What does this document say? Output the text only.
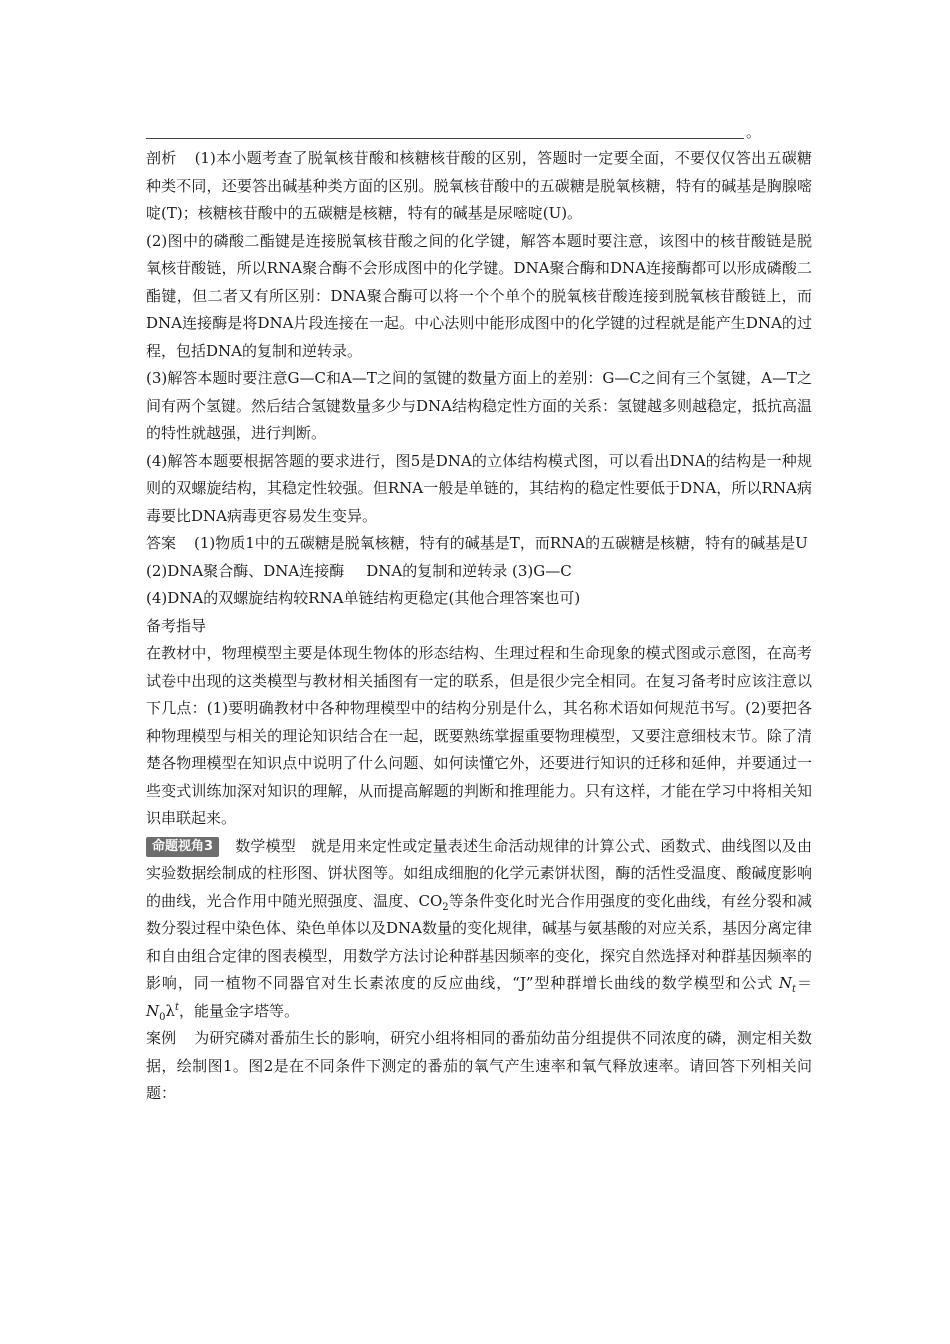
。

剖析 (1)本小题考查了脱氧核苷酸和核糖核苷酸的区别，答题时一定要全面，不要仅仅答出五碳糖种类不同，还要答出碱基种类方面的区别。脱氧核苷酸中的五碳糖是脱氧核糖，特有的碱基是胸腺嘧啶(T)；核糖核苷酸中的五碳糖是核糖，特有的碱基是尿嘧啶(U)。

(2)图中的磷酸二酯键是连接脱氧核苷酸之间的化学键，解答本题时要注意，该图中的核苷酸链是脱氧核苷酸链，所以RNA聚合酶不会形成图中的化学键。DNA聚合酶和DNA连接酶都可以形成磷酸二酯键，但二者又有所区别：DNA聚合酶可以将一个个单个的脱氧核苷酸连接到脱氧核苷酸链上，而DNA连接酶是将DNA片段连接在一起。中心法则中能形成图中的化学键的过程就是能产生DNA的过程，包括DNA的复制和逆转录。

(3)解答本题时要注意G—C和A—T之间的氢键的数量方面上的差别：G—C之间有三个氢键，A—T之间有两个氢键。然后结合氢键数量多少与DNA结构稳定性方面的关系：氢键越多则越稳定，抵抗高温的特性就越强，进行判断。

(4)解答本题要根据答题的要求进行，图5是DNA的立体结构模式图，可以看出DNA的结构是一种规则的双螺旋结构，其稳定性较强。但RNA一般是单链的，其结构的稳定性要低于DNA，所以RNA病毒要比DNA病毒更容易发生变异。

答案 (1)物质1中的五碳糖是脱氧核糖，特有的碱基是T，而RNA的五碳糖是核糖，特有的碱基是U

(2)DNA聚合酶、DNA连接酶 DNA的复制和逆转录 (3)G—C

(4)DNA的双螺旋结构较RNA单链结构更稳定(其他合理答案也可)

备考指导

在教材中，物理模型主要是体现生物体的形态结构、生理过程和生命现象的模式图或示意图，在高考试卷中出现的这类模型与教材相关插图有一定的联系，但是很少完全相同。在复习备考时应该注意以下几点：(1)要明确教材中各种物理模型中的结构分别是什么，其名称术语如何规范书写。(2)要把各种物理模型与相关的理论知识结合在一起，既要熟练掌握重要物理模型，又要注意细枝末节。除了清楚各物理模型在知识点中说明了什么问题、如何读懂它外，还要进行知识的迁移和延伸，并要通过一些变式训练加深对知识的理解，从而提高解题的判断和推理能力。只有这样，才能在学习中将相关知识串联起来。

命题视角3 数学模型　就是用来定性或定量表述生命活动规律的计算公式、函数式、曲线图以及由实验数据绘制成的柱形图、饼状图等。如组成细胞的化学元素饼状图，酶的活性受温度、酸碱度影响的曲线，光合作用中随光照强度、温度、$CO_2$等条件变化时光合作用强度的变化曲线，有丝分裂和减数分裂过程中染色体、染色单体以及DNA数量的变化规律，碱基与氨基酸的对应关系，基因分离定律和自由组合定律的图表模型，用数学方法讨论种群基因频率的变化，探究自然选择对种群基因频率的影响，同一植物不同器官对生长素浓度的反应曲线，“J”型种群增长曲线的数学模型和公式 $N_t=N_0\lambda^t$，能量金字塔等。

案例 为研究磷对番茄生长的影响，研究小组将相同的番茄幼苗分组提供不同浓度的磷，测定相关数据，绘制图1。图2是在不同条件下测定的番茄的氧气产生速率和氧气释放速率。请回答下列相关问题：
